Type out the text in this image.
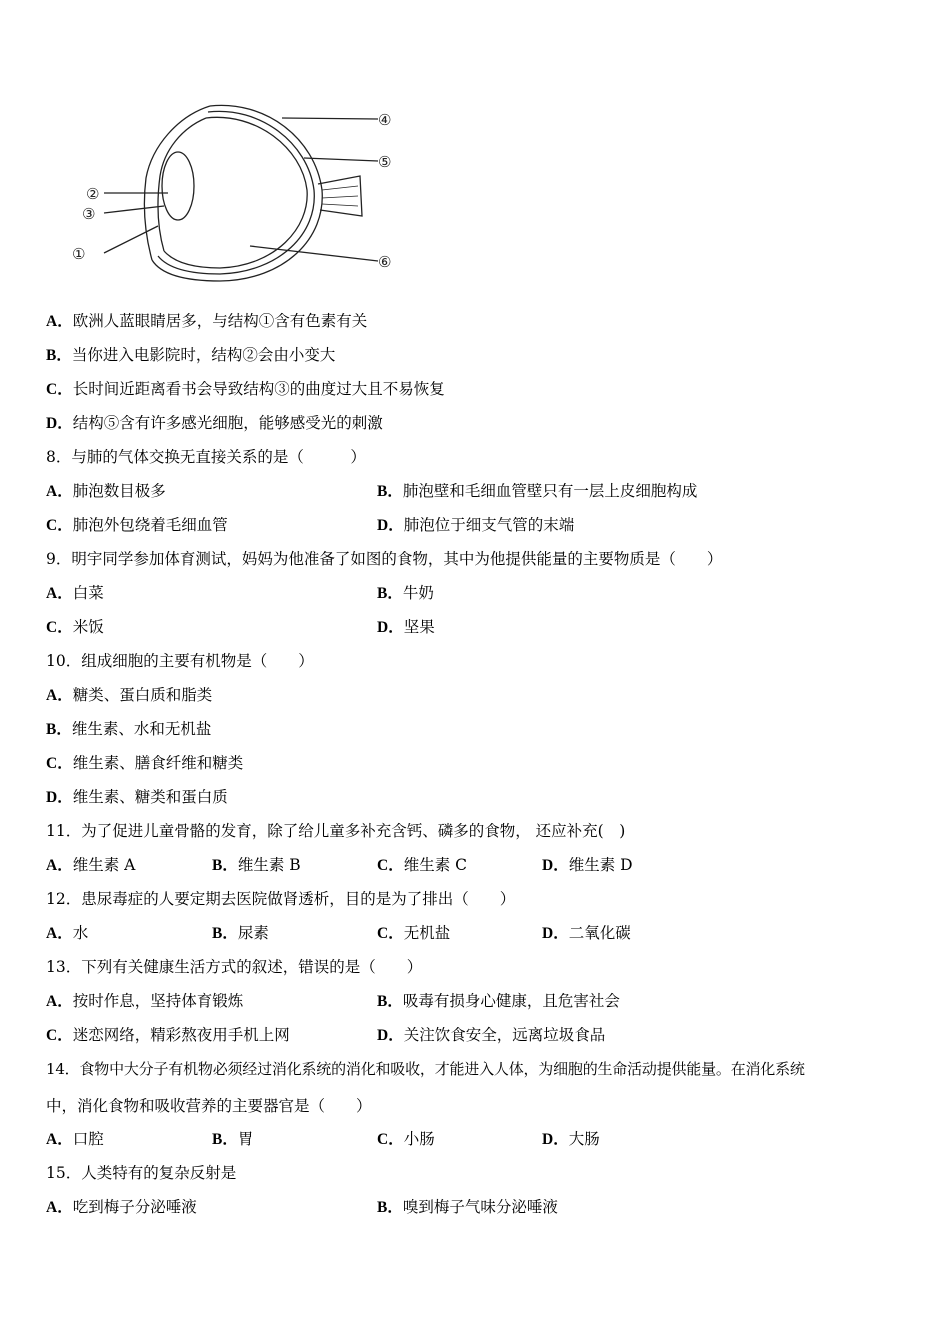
④
⑤
②
③
①	⑥
A．欧洲人蓝眼睛居多，与结构①含有色素有关
B．当你进入电影院时，结构②会由小变大
C．长时间近距离看书会导致结构③的曲度过大且不易恢复
D．结构⑤含有许多感光细胞，能够感受光的刺激
8．与肺的气体交换无直接关系的是（　　　）
A．肺泡数目极多	B．肺泡壁和毛细血管壁只有一层上皮细胞构成
C．肺泡外包绕着毛细血管	D．肺泡位于细支气管的末端
9．明宇同学参加体育测试，妈妈为他准备了如图的食物，其中为他提供能量的主要物质是（　　）
A．白菜	B．牛奶
C．米饭	D．坚果
10．组成细胞的主要有机物是（　　）
A．糖类、蛋白质和脂类
B．维生素、水和无机盐
C．维生素、膳食纤维和糖类
D．维生素、糖类和蛋白质
11．为了促进儿童骨骼的发育，除了给儿童多补充含钙、磷多的食物， 还应补充(　)
A．维生素 A	B．维生素 B	C．维生素 C	D．维生素 D
12．患尿毒症的人要定期去医院做肾透析，目的是为了排出（　　）
A．水	B．尿素	C．无机盐	D．二氧化碳
13．下列有关健康生活方式的叙述，错误的是（　　）
A．按时作息，坚持体育锻炼	B．吸毒有损身心健康，且危害社会
C．迷恋网络，精彩熬夜用手机上网	D．关注饮食安全，远离垃圾食品
14．食物中大分子有机物必须经过消化系统的消化和吸收，才能进入人体，为细胞的生命活动提供能量。在消化系统
中，消化食物和吸收营养的主要器官是（　　）
A．口腔	B．胃	C．小肠	D．大肠
15．人类特有的复杂反射是
A．吃到梅子分泌唾液	B．嗅到梅子气味分泌唾液
